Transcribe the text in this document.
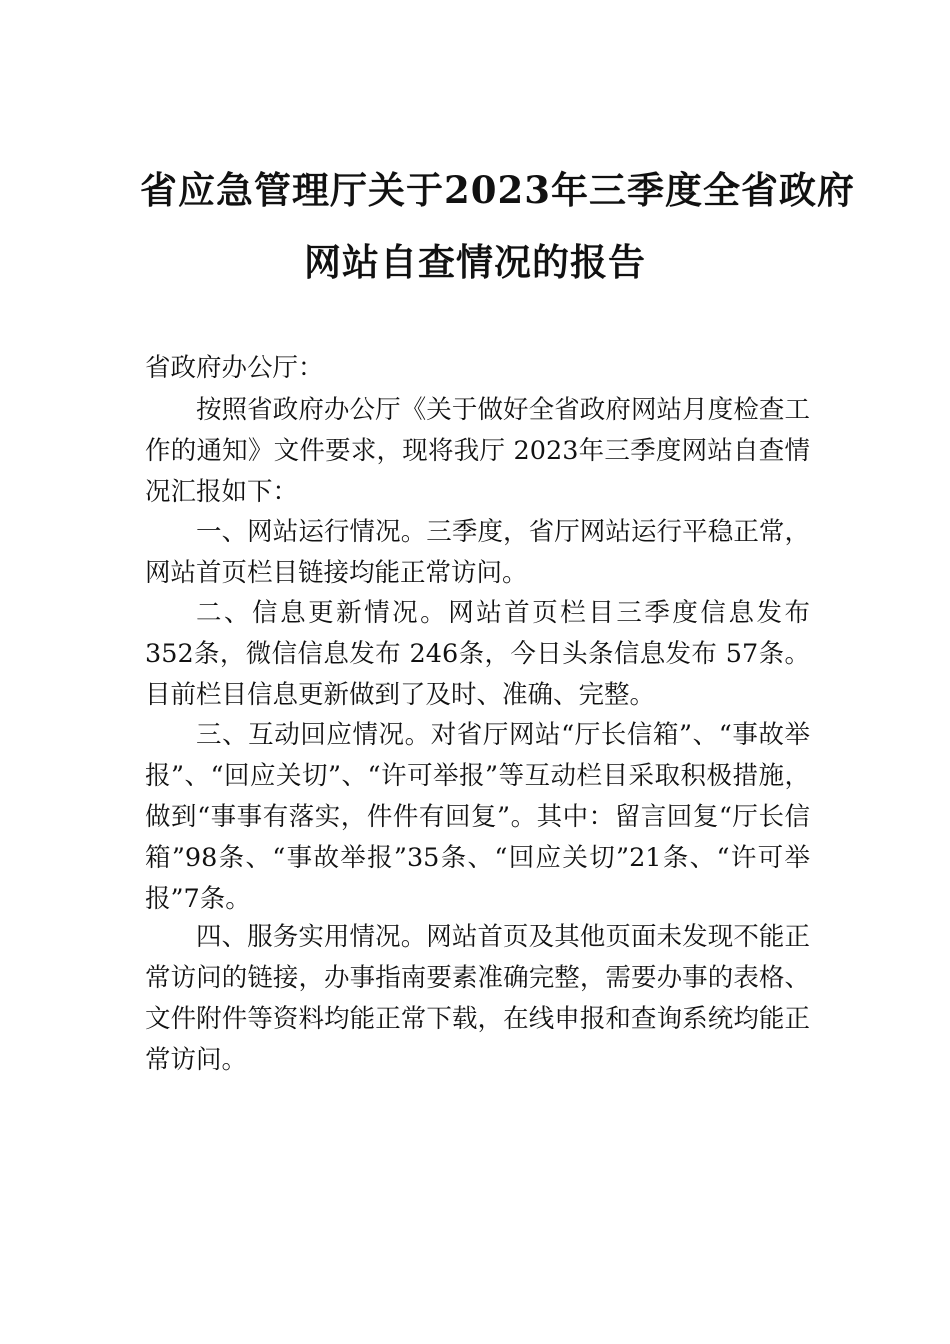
省应急管理厅关于2023年三季度全省政府
网站自查情况的报告
省政府办公厅：
按照省政府办公厅《关于做好全省政府网站月度检查工作的通知》文件要求，现将我厅 2023年三季度网站自查情况汇报如下：
一、网站运行情况。三季度，省厅网站运行平稳正常，网站首页栏目链接均能正常访问。
二、信息更新情况。网站首页栏目三季度信息发布 352条，微信信息发布 246条，今日头条信息发布 57条。目前栏目信息更新做到了及时、准确、完整。
三、互动回应情况。对省厅网站“厅长信箱”、“事故举报”、“回应关切”、“许可举报”等互动栏目采取积极措施， 做到“事事有落实，件件有回复”。其中：留言回复“厅长信箱”98条、“事故举报”35条、“回应关切”21条、“许可举报”7条。
四、服务实用情况。网站首页及其他页面未发现不能正常访问的链接，办事指南要素准确完整，需要办事的表格、 文件附件等资料均能正常下载，在线申报和查询系统均能正常访问。
